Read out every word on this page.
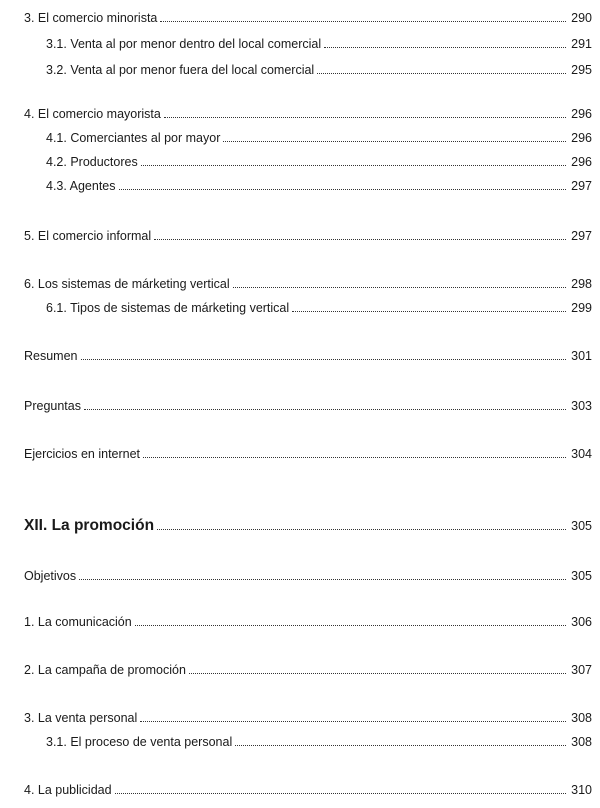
3. El comercio minorista	290
3.1. Venta al por menor dentro del local comercial	291
3.2. Venta al por menor fuera del local comercial	295
4. El comercio mayorista	296
4.1. Comerciantes al por mayor	296
4.2. Productores	296
4.3. Agentes	297
5. El comercio informal	297
6. Los sistemas de márketing vertical	298
6.1. Tipos de sistemas de márketing vertical	299
Resumen	301
Preguntas	303
Ejercicios en internet	304
XII. La promoción	305
Objetivos	305
1. La comunicación	306
2. La campaña de promoción	307
3. La venta personal	308
3.1. El proceso de venta personal	308
4. La publicidad	310
